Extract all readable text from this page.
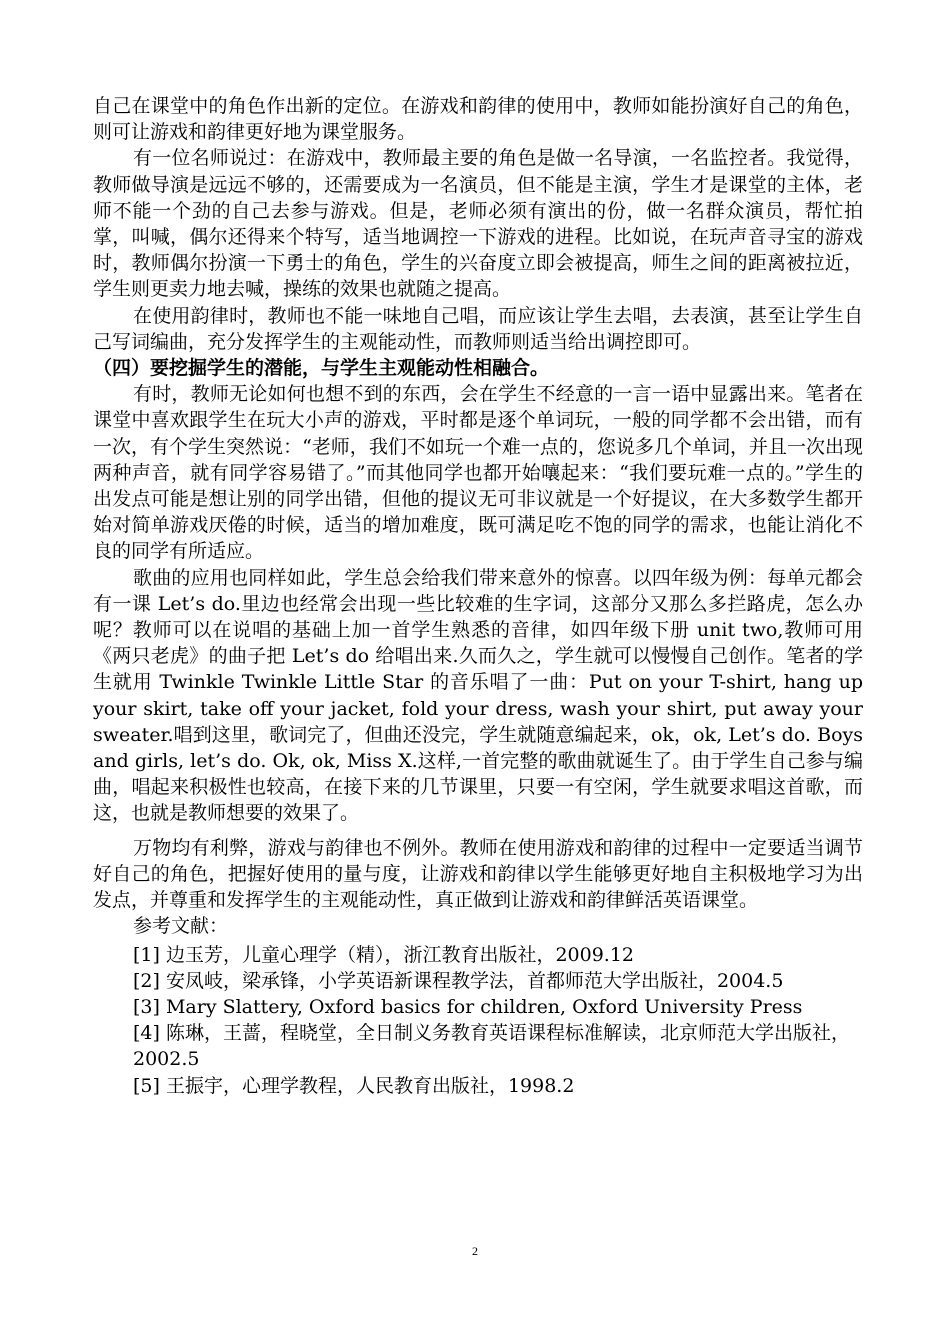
自己在课堂中的角色作出新的定位。在游戏和韵律的使用中，教师如能扮演好自己的角色，则可让游戏和韵律更好地为课堂服务。

有一位名师说过：在游戏中，教师最主要的角色是做一名导演，一名监控者。我觉得，教师做导演是远远不够的，还需要成为一名演员，但不能是主演，学生才是课堂的主体，老师不能一个劲的自己去参与游戏。但是，老师必须有演出的份，做一名群众演员，帮忙拍掌，叫喊，偶尔还得来个特写，适当地调控一下游戏的进程。比如说，在玩声音寻宝的游戏时，教师偶尔扮演一下勇士的角色，学生的兴奋度立即会被提高，师生之间的距离被拉近，学生则更卖力地去喊，操练的效果也就随之提高。

在使用韵律时，教师也不能一味地自己唱，而应该让学生去唱，去表演，甚至让学生自己写词编曲，充分发挥学生的主观能动性，而教师则适当给出调控即可。

（四）要挖掘学生的潜能，与学生主观能动性相融合。

有时，教师无论如何也想不到的东西，会在学生不经意的一言一语中显露出来。笔者在课堂中喜欢跟学生在玩大小声的游戏，平时都是逐个单词玩，一般的同学都不会出错，而有一次，有个学生突然说：“老师，我们不如玩一个难一点的，您说多几个单词，并且一次出现两种声音，就有同学容易错了。”而其他同学也都开始嚷起来：“我们要玩难一点的。”学生的出发点可能是想让别的同学出错，但他的提议无可非议就是一个好提议，在大多数学生都开始对简单游戏厌倦的时候，适当的增加难度，既可满足吃不饱的同学的需求，也能让消化不良的同学有所适应。

歌曲的应用也同样如此，学生总会给我们带来意外的惊喜。以四年级为例：每单元都会有一课 Let’s do.里边也经常会出现一些比较难的生字词，这部分又那么多拦路虎，怎么办呢？教师可以在说唱的基础上加一首学生熟悉的音律，如四年级下册 unit two,教师可用《两只老虎》的曲子把 Let’s do 给唱出来.久而久之，学生就可以慢慢自己创作。笔者的学生就用 Twinkle Twinkle Little Star 的音乐唱了一曲：Put on your T-shirt, hang up your skirt, take off your jacket, fold your dress, wash your shirt, put away your sweater.唱到这里，歌词完了，但曲还没完，学生就随意编起来，ok，ok, Let’s do. Boys and girls, let’s do. Ok, ok, Miss X.这样,一首完整的歌曲就诞生了。由于学生自己参与编曲，唱起来积极性也较高，在接下来的几节课里，只要一有空闲，学生就要求唱这首歌，而这，也就是教师想要的效果了。

万物均有利弊，游戏与韵律也不例外。教师在使用游戏和韵律的过程中一定要适当调节好自己的角色，把握好使用的量与度，让游戏和韵律以学生能够更好地自主积极地学习为出发点，并尊重和发挥学生的主观能动性，真正做到让游戏和韵律鲜活英语课堂。

参考文献：

[1] 边玉芳，儿童心理学（精），浙江教育出版社，2009.12

[2] 安凤岐，梁承锋，小学英语新课程教学法，首都师范大学出版社，2004.5

[3] Mary Slattery, Oxford basics for children, Oxford University Press

[4] 陈琳，王蔷，程晓堂，全日制义务教育英语课程标准解读，北京师范大学出版社，2002.5

[5] 王振宇，心理学教程，人民教育出版社，1998.2

2
